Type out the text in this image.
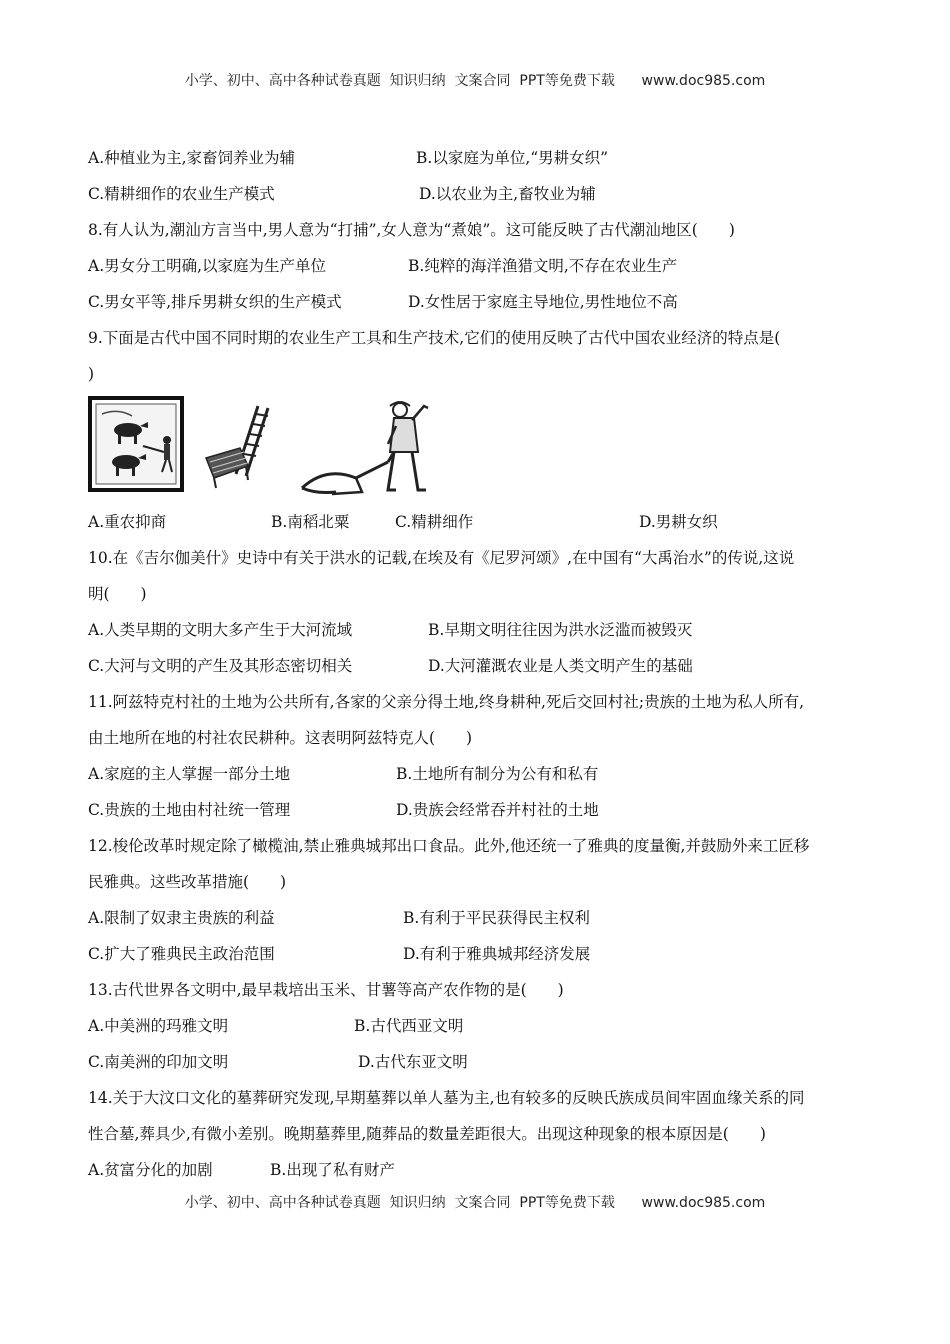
小学、初中、高中各种试卷真题  知识归纳  文案合同  PPT等免费下载      www.doc985.com
A.种植业为主,家畜饲养业为辅	B.以家庭为单位,“男耕女织”
C.精耕细作的农业生产模式	D.以农业为主,畜牧业为辅
8.有人认为,潮汕方言当中,男人意为“打捕”,女人意为“煮娘”。这可能反映了古代潮汕地区(　　)
A.男女分工明确,以家庭为生产单位	B.纯粹的海洋渔猎文明,不存在农业生产
C.男女平等,排斥男耕女织的生产模式	D.女性居于家庭主导地位,男性地位不高
9.下面是古代中国不同时期的农业生产工具和生产技术,它们的使用反映了古代中国农业经济的特点是(
)
A.重农抑商	B.南稻北粟	C.精耕细作	D.男耕女织
10.在《吉尔伽美什》史诗中有关于洪水的记载,在埃及有《尼罗河颂》,在中国有“大禹治水”的传说,这说
明(　　)
A.人类早期的文明大多产生于大河流域	B.早期文明往往因为洪水泛滥而被毁灭
C.大河与文明的产生及其形态密切相关	D.大河灌溉农业是人类文明产生的基础
11.阿兹特克村社的土地为公共所有,各家的父亲分得土地,终身耕种,死后交回村社;贵族的土地为私人所有,
由土地所在地的村社农民耕种。这表明阿兹特克人(　　)
A.家庭的主人掌握一部分土地	B.土地所有制分为公有和私有
C.贵族的土地由村社统一管理	D.贵族会经常吞并村社的土地
12.梭伦改革时规定除了橄榄油,禁止雅典城邦出口食品。此外,他还统一了雅典的度量衡,并鼓励外来工匠移
民雅典。这些改革措施(　　)
A.限制了奴隶主贵族的利益	B.有利于平民获得民主权利
C.扩大了雅典民主政治范围	D.有利于雅典城邦经济发展
13.古代世界各文明中,最早栽培出玉米、甘薯等高产农作物的是(　　)
A.中美洲的玛雅文明	B.古代西亚文明
C.南美洲的印加文明	D.古代东亚文明
14.关于大汶口文化的墓葬研究发现,早期墓葬以单人墓为主,也有较多的反映氏族成员间牢固血缘关系的同
性合墓,葬具少,有微小差别。晚期墓葬里,随葬品的数量差距很大。出现这种现象的根本原因是(　　)
A.贫富分化的加剧	B.出现了私有财产
小学、初中、高中各种试卷真题  知识归纳  文案合同  PPT等免费下载      www.doc985.com
